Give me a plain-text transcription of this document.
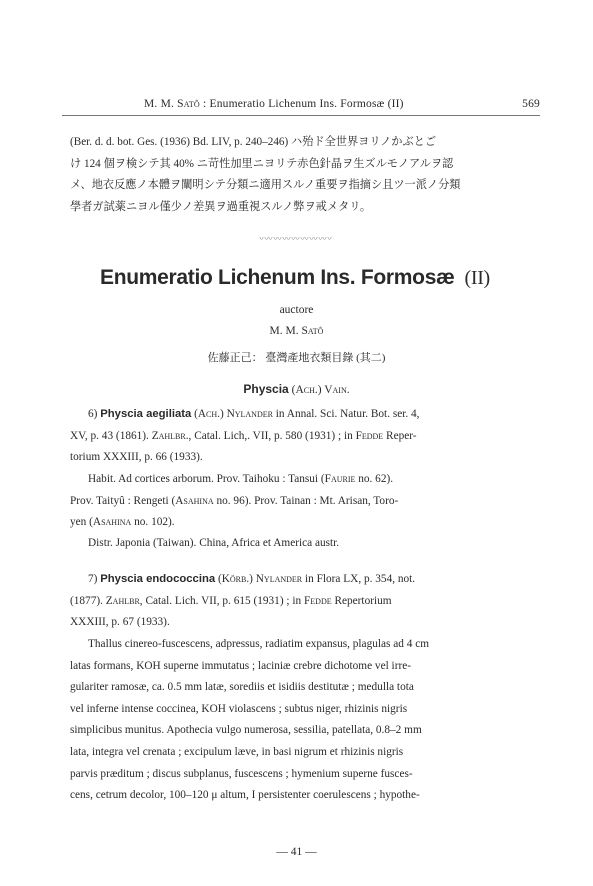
M. M. Satô : Enumeratio Lichenum Ins. Formosæ (II)	569

(Ber. d. d. bot. Ges. (1936) Bd. LIV, p. 240–246) ハ殆ド全世界ヨリノかぶとご
け 124 個ヲ検シテ其 40% ニ苛性加里ニヨリテ赤色針晶ヲ生ズルモノアルヲ認
メ、地衣反應ノ本體ヲ闡明シテ分類ニ適用スルノ重要ヲ指摘シ且ツ一派ノ分類
學者ガ試薬ニヨル僅少ノ差異ヲ過重視スルノ弊ヲ戒メタリ。

〰〰〰〰〰〰〰〰
Enumeratio Lichenum Ins. Formosæ (II)

auctore

M. M. Satô

佐藤正己： 臺灣產地衣類目錄 (其二)

Physcia (Ach.) Vain.

6) Physcia aegiliata (Ach.) Nylander in Annal. Sci. Natur. Bot. ser. 4,
XV, p. 43 (1861). Zahlbr., Catal. Lich,. VII, p. 580 (1931) ; in Fedde Reper-
torium XXXIII, p. 66 (1933).

Habit. Ad cortices arborum. Prov. Taihoku : Tansui (Faurie no. 62).
Prov. Taityû : Rengeti (Asahina no. 96). Prov. Tainan : Mt. Arisan, Toro-
yen (Asahina no. 102).

Distr. Japonia (Taiwan). China, Africa et America austr.

7) Physcia endococcina (Körb.) Nylander in Flora LX, p. 354, not.
(1877). Zahlbr, Catal. Lich. VII, p. 615 (1931) ; in Fedde Repertorium
XXXIII, p. 67 (1933).

Thallus cinereo-fuscescens, adpressus, radiatim expansus, plagulas ad 4 cm
latas formans, KOH superne immutatus ; laciniæ crebre dichotome vel irre-
gulariter ramosæ, ca. 0.5 mm latæ, sorediis et isidiis destitutæ ; medulla tota
vel inferne intense coccinea, KOH violascens ; subtus niger, rhizinis nigris
simplicibus munitus. Apothecia vulgo numerosa, sessilia, patellata, 0.8–2 mm
lata, integra vel crenata ; excipulum læve, in basi nigrum et rhizinis nigris
parvis præditum ; discus subplanus, fuscescens ; hymenium superne fusces-
cens, cetrum decolor, 100–120 μ altum, I persistenter coerulescens ; hypothe-

— 41 —
